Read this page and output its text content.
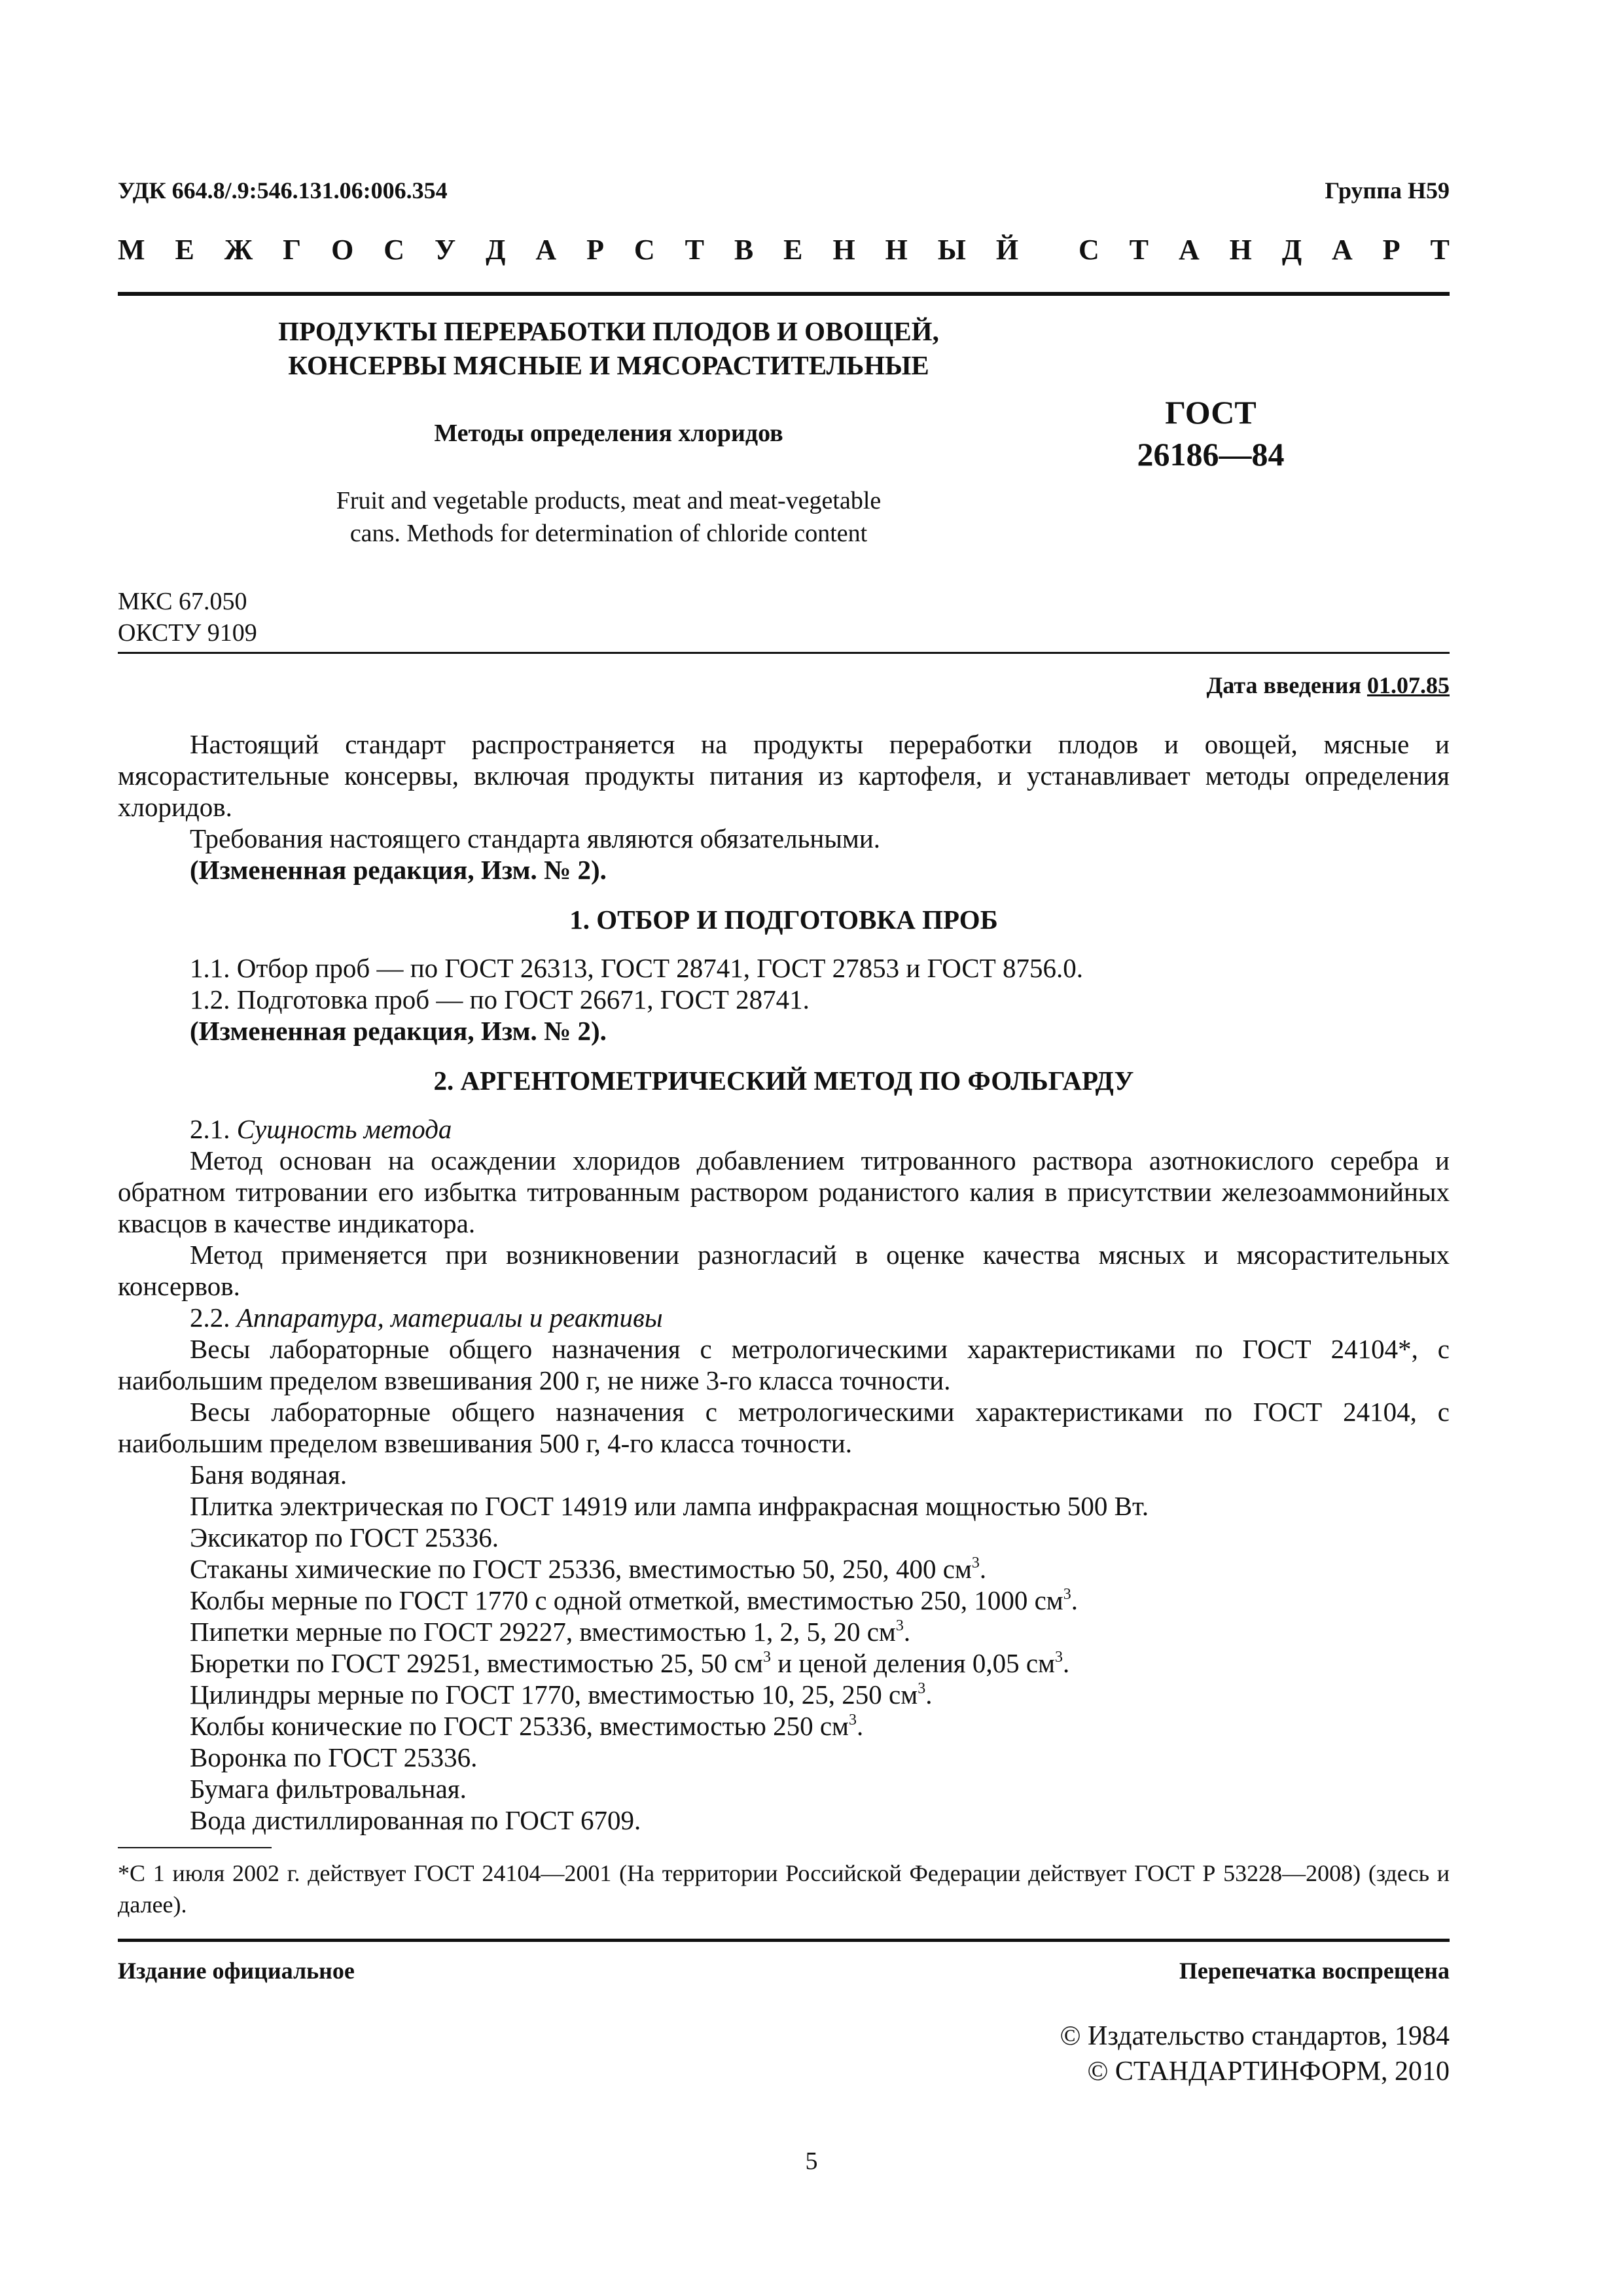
УДК 664.8/.9:546.131.06:006.354	Группа Н59
М Е Ж Г О С У Д А Р С Т В Е Н Н Ы Й С Т А Н Д А Р Т
ПРОДУКТЫ ПЕРЕРАБОТКИ ПЛОДОВ И ОВОЩЕЙ,
КОНСЕРВЫ МЯСНЫЕ И МЯСОРАСТИТЕЛЬНЫЕ
Методы определения хлоридов
ГОСТ
26186—84
Fruit and vegetable products, meat and meat-vegetable
cans. Methods for determination of chloride content
МКС 67.050
ОКСТУ 9109
Дата введения 01.07.85

Настоящий стандарт распространяется на продукты переработки плодов и овощей, мясные и мясорастительные консервы, включая продукты питания из картофеля, и устанавливает методы определения хлоридов.

Требования настоящего стандарта являются обязательными.

(Измененная редакция, Изм. № 2).

1. ОТБОР И ПОДГОТОВКА ПРОБ

1.1. Отбор проб — по ГОСТ 26313, ГОСТ 28741, ГОСТ 27853 и ГОСТ 8756.0.

1.2. Подготовка проб — по ГОСТ 26671, ГОСТ 28741.

(Измененная редакция, Изм. № 2).

2. АРГЕНТОМЕТРИЧЕСКИЙ МЕТОД ПО ФОЛЬГАРДУ

2.1. Сущность метода

Метод основан на осаждении хлоридов добавлением титрованного раствора азотнокислого серебра и обратном титровании его избытка титрованным раствором роданистого калия в присутствии железоаммонийных квасцов в качестве индикатора.

Метод применяется при возникновении разногласий в оценке качества мясных и мясорастительных консервов.

2.2. Аппаратура, материалы и реактивы

Весы лабораторные общего назначения с метрологическими характеристиками по ГОСТ 24104*, с наибольшим пределом взвешивания 200 г, не ниже 3-го класса точности.

Весы лабораторные общего назначения с метрологическими характеристиками по ГОСТ 24104, с наибольшим пределом взвешивания 500 г, 4-го класса точности.

Баня водяная.

Плитка электрическая по ГОСТ 14919 или лампа инфракрасная мощностью 500 Вт.

Эксикатор по ГОСТ 25336.

Стаканы химические по ГОСТ 25336, вместимостью 50, 250, 400 $см^3$.

Колбы мерные по ГОСТ 1770 с одной отметкой, вместимостью 250, 1000 $см^3$.

Пипетки мерные по ГОСТ 29227, вместимостью 1, 2, 5, 20 $см^3$.

Бюретки по ГОСТ 29251, вместимостью 25, 50 $см^3$ и ценой деления 0,05 $см^3$.

Цилиндры мерные по ГОСТ 1770, вместимостью 10, 25, 250 $см^3$.

Колбы конические по ГОСТ 25336, вместимостью 250 $см^3$.

Воронка по ГОСТ 25336.

Бумага фильтровальная.

Вода дистиллированная по ГОСТ 6709.

*С 1 июля 2002 г. действует ГОСТ 24104—2001 (На территории Российской Федерации действует ГОСТ Р 53228—2008) (здесь и далее).
Издание официальное	Перепечатка воспрещена
© Издательство стандартов, 1984
© СТАНДАРТИНФОРМ, 2010
5
